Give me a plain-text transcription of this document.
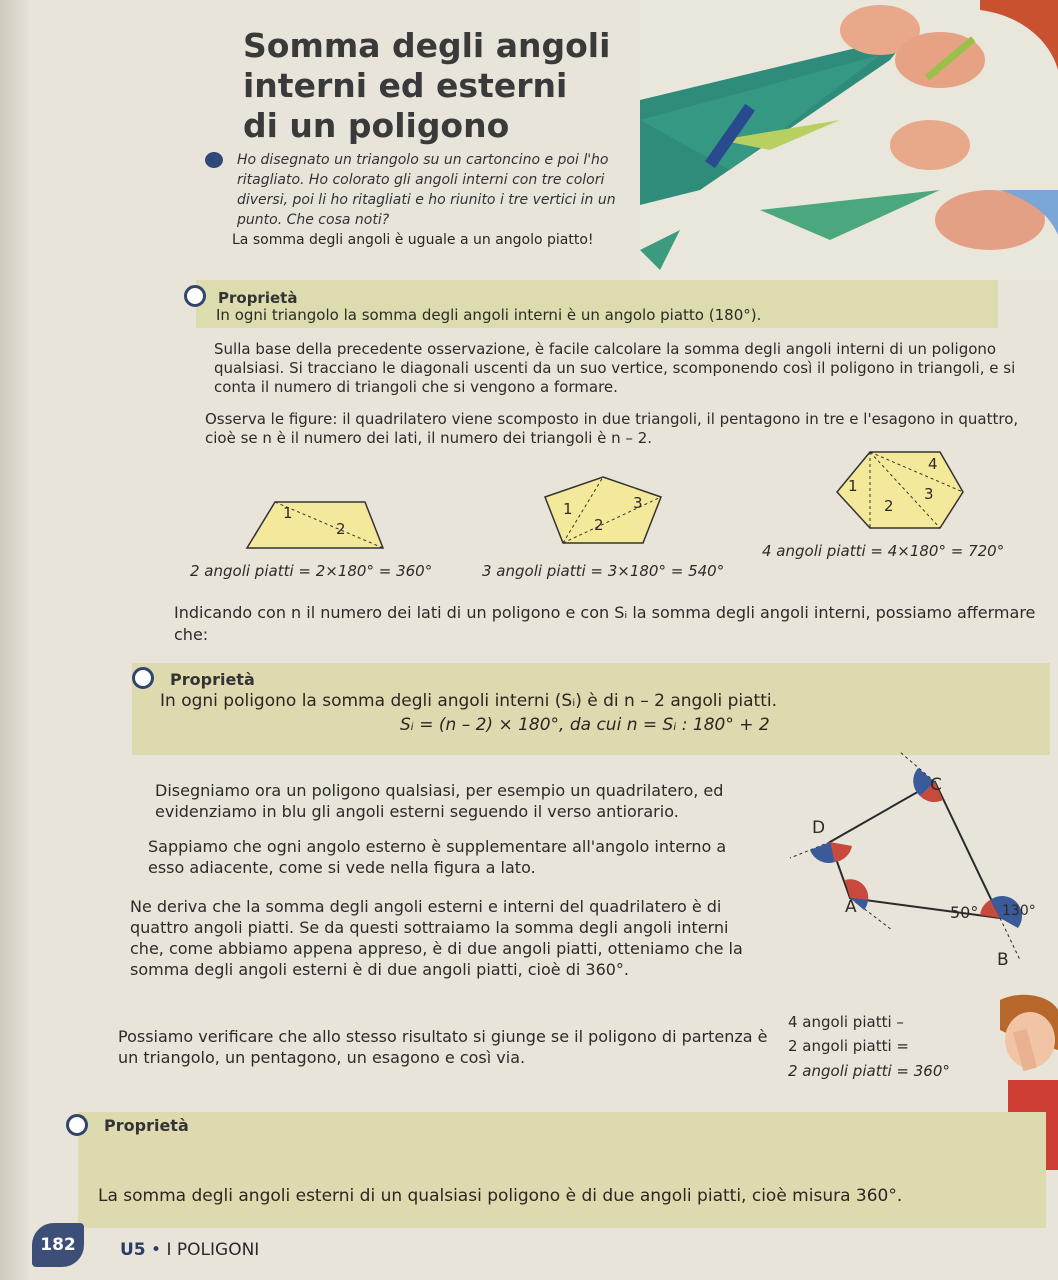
Somma degli angoli
interni ed esterni
di un poligono
Ho disegnato un triangolo su un cartoncino e poi l'ho ritagliato. Ho colorato gli angoli interni con tre colori diversi, poi li ho ritagliati e ho riunito i tre vertici in un punto. Che cosa noti?
La somma degli angoli è uguale a un angolo piatto!
Proprietà
In ogni triangolo la somma degli angoli interni è un angolo piatto (180°).
Sulla base della precedente osservazione, è facile calcolare la somma degli angoli interni di un poligono qualsiasi. Si tracciano le diagonali uscenti da un suo vertice, scomponendo così il poligono in triangoli, e si conta il numero di triangoli che si vengono a formare.
Osserva le figure: il quadrilatero viene scomposto in due triangoli, il pentagono in tre e l'esagono in quattro, cioè se n è il numero dei lati, il numero dei triangoli è n – 2.
1
2
1	3
2
4
1	3
2
2 angoli piatti = 2×180° = 360°	3 angoli piatti = 3×180° = 540°
4 angoli piatti = 4×180° = 720°
Indicando con n il numero dei lati di un poligono e con Sᵢ la somma degli angoli interni, possiamo affermare che:
Proprietà
In ogni poligono la somma degli angoli interni (Sᵢ) è di n – 2 angoli piatti.
Sᵢ = (n – 2) × 180°, da cui n = Sᵢ : 180° + 2
Disegniamo ora un poligono qualsiasi, per esempio un quadrilatero, ed evidenziamo in blu gli angoli esterni seguendo il verso antiorario.
Sappiamo che ogni angolo esterno è supplementare all'angolo interno a esso adiacente, come si vede nella figura a lato.
Ne deriva che la somma degli angoli esterni e interni del quadrilatero è di quattro angoli piatti. Se da questi sottraiamo la somma degli angoli interni che, come abbiamo appena appreso, è di due angoli piatti, otteniamo che la somma degli angoli esterni è di due angoli piatti, cioè di 360°.
Possiamo verificare che allo stesso risultato si giunge se il poligono di partenza è un triangolo, un pentagono, un esagono e così via.
C
D
A
B
50° 130°
4 angoli piatti –
2 angoli piatti =
2 angoli piatti = 360°
Proprietà
La somma degli angoli esterni di un qualsiasi poligono è di due angoli piatti, cioè misura 360°.
182	U5 • I POLIGONI
